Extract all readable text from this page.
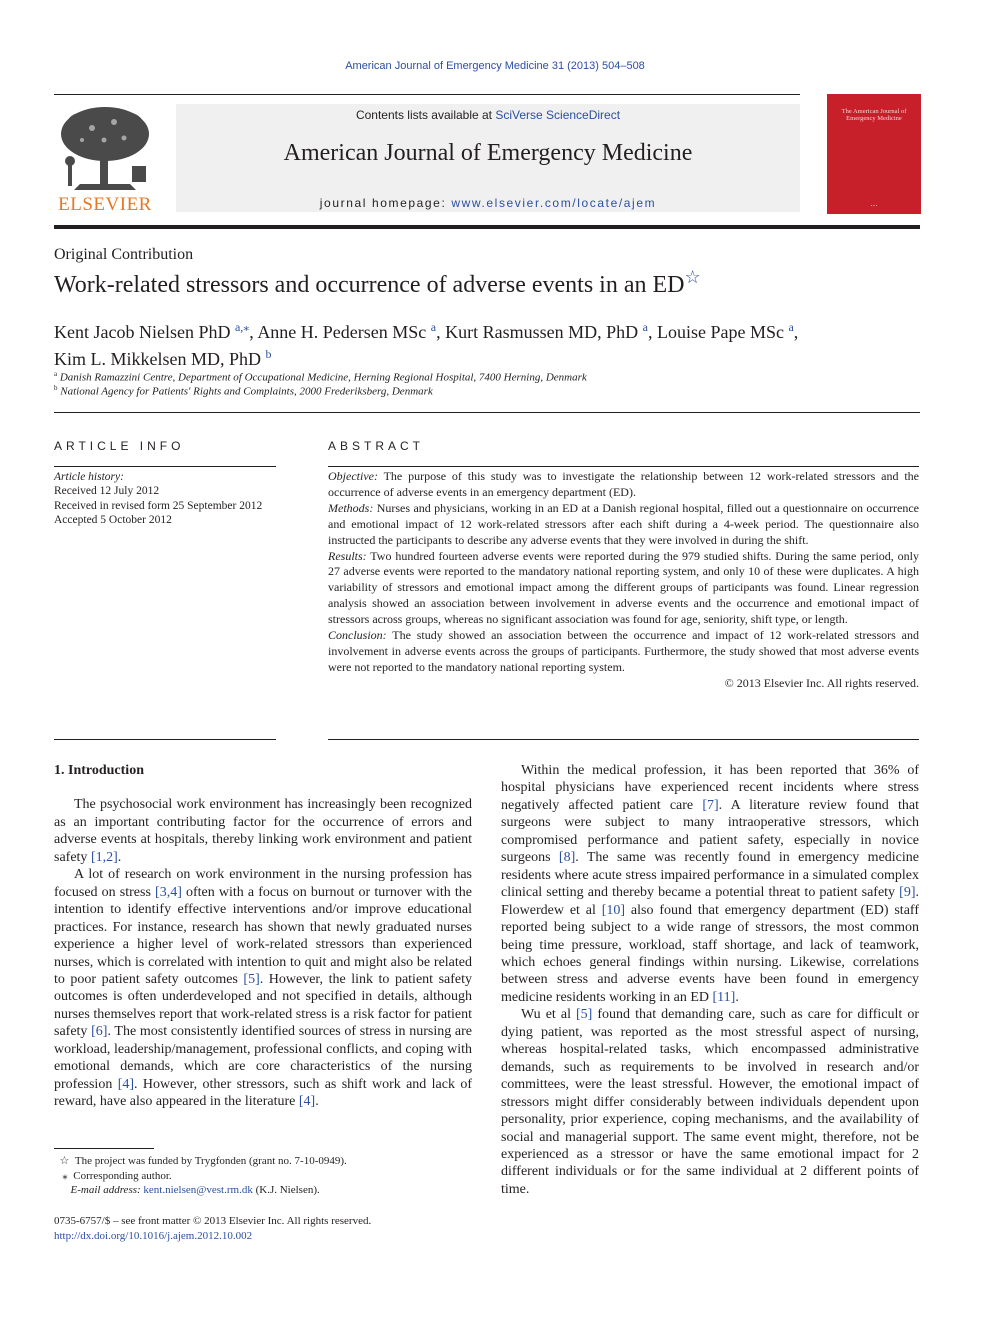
American Journal of Emergency Medicine 31 (2013) 504–508
ELSEVIER
Contents lists available at SciVerse ScienceDirect
American Journal of Emergency Medicine
journal homepage: www.elsevier.com/locate/ajem
The American Journal of Emergency Medicine
• • •
Original Contribution
Work-related stressors and occurrence of adverse events in an ED☆
Kent Jacob Nielsen PhD $^{a,⁎}$, Anne H. Pedersen MSc $^a$, Kurt Rasmussen MD, PhD $^a$, Louise Pape MSc $^a$,
Kim L. Mikkelsen MD, PhD $^b$
$^a$ Danish Ramazzini Centre, Department of Occupational Medicine, Herning Regional Hospital, 7400 Herning, Denmark
$^b$ National Agency for Patients' Rights and Complaints, 2000 Frederiksberg, Denmark
ARTICLE INFO
Article history:
Received 12 July 2012
Received in revised form 25 September 2012
Accepted 5 October 2012
ABSTRACT

Objective: The purpose of this study was to investigate the relationship between 12 work-related stressors and the occurrence of adverse events in an emergency department (ED).

Methods: Nurses and physicians, working in an ED at a Danish regional hospital, filled out a questionnaire on occurrence and emotional impact of 12 work-related stressors after each shift during a 4-week period. The questionnaire also instructed the participants to describe any adverse events that they were involved in during the shift.

Results: Two hundred fourteen adverse events were reported during the 979 studied shifts. During the same period, only 27 adverse events were reported to the mandatory national reporting system, and only 10 of these were duplicates. A high variability of stressors and emotional impact among the different groups of participants was found. Linear regression analysis showed an association between involvement in adverse events and the occurrence and emotional impact of stressors across groups, whereas no significant association was found for age, seniority, shift type, or length.

Conclusion: The study showed an association between the occurrence and impact of 12 work-related stressors and involvement in adverse events across the groups of participants. Furthermore, the study showed that most adverse events were not reported to the mandatory national reporting system.

© 2013 Elsevier Inc. All rights reserved.

1. Introduction

The psychosocial work environment has increasingly been recognized as an important contributing factor for the occurrence of errors and adverse events at hospitals, thereby linking work environment and patient safety [1,2].

A lot of research on work environment in the nursing profession has focused on stress [3,4] often with a focus on burnout or turnover with the intention to identify effective interventions and/or improve educational practices. For instance, research has shown that newly graduated nurses experience a higher level of work-related stressors than experienced nurses, which is correlated with intention to quit and might also be related to poor patient safety outcomes [5]. However, the link to patient safety outcomes is often underdeveloped and not specified in details, although nurses themselves report that work-related stress is a risk factor for patient safety [6]. The most consistently identified sources of stress in nursing are workload, leadership/management, professional conflicts, and coping with emotional demands, which are core characteristics of the nursing profession [4]. However, other stressors, such as shift work and lack of reward, have also appeared in the literature [4].

Within the medical profession, it has been reported that 36% of hospital physicians have experienced recent incidents where stress negatively affected patient care [7]. A literature review found that surgeons were subject to many intraoperative stressors, which compromised performance and patient safety, especially in novice surgeons [8]. The same was recently found in emergency medicine residents where acute stress impaired performance in a simulated complex clinical setting and thereby became a potential threat to patient safety [9]. Flowerdew et al [10] also found that emergency department (ED) staff reported being subject to a wide range of stressors, the most common being time pressure, workload, staff shortage, and lack of teamwork, which echoes general findings within nursing. Likewise, correlations between stress and adverse events have been found in emergency medicine residents working in an ED [11].

Wu et al [5] found that demanding care, such as care for difficult or dying patient, was reported as the most stressful aspect of nursing, whereas hospital-related tasks, which encompassed administrative demands, such as requirements to be involved in research and/or committees, were the least stressful. However, the emotional impact of stressors might differ considerably between individuals dependent upon personality, prior experience, coping mechanisms, and the availability of social and managerial support. The same event might, therefore, not be experienced as a stressor or have the same emotional impact for 2 different individuals or for the same individual at 2 different points of time.

☆ The project was funded by Trygfonden (grant no. 7-10-0949).
⁎ Corresponding author.
E-mail address: kent.nielsen@vest.rm.dk (K.J. Nielsen).
0735-6757/$ – see front matter © 2013 Elsevier Inc. All rights reserved.
http://dx.doi.org/10.1016/j.ajem.2012.10.002
